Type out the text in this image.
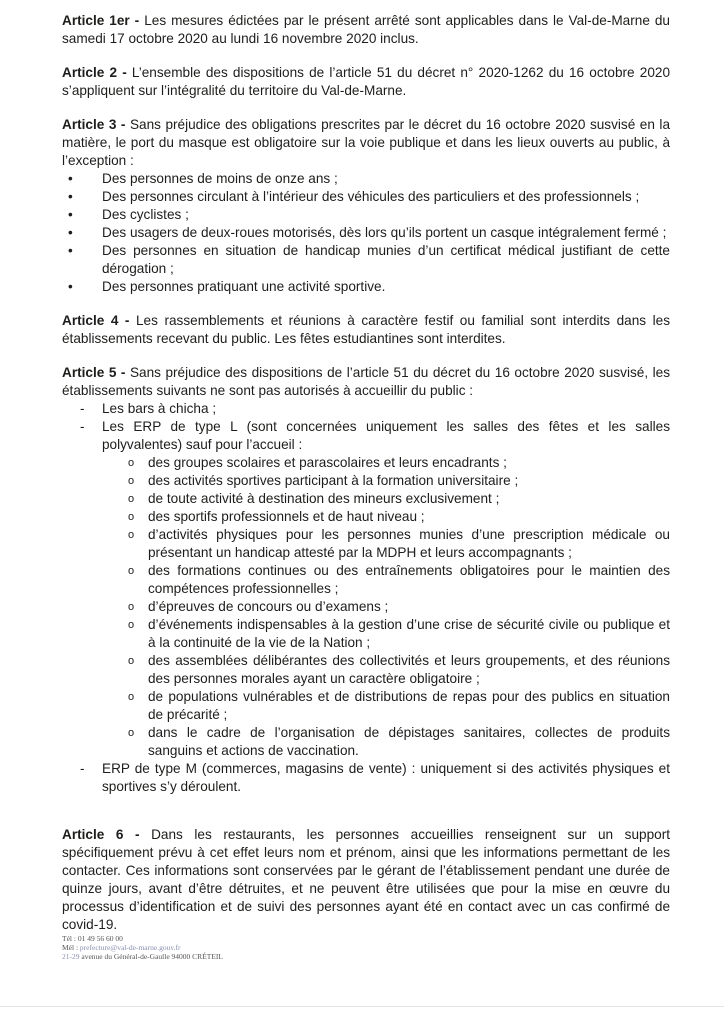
Article 1er - Les mesures édictées par le présent arrêté sont applicables dans le Val-de-Marne du samedi 17 octobre 2020 au lundi 16 novembre 2020 inclus.

Article 2 - L’ensemble des dispositions de l’article 51 du décret n° 2020-1262 du 16 octobre 2020 s’appliquent sur l’intégralité du territoire du Val-de-Marne.

Article 3 - Sans préjudice des obligations prescrites par le décret du 16 octobre 2020 susvisé en la matière, le port du masque est obligatoire sur la voie publique et dans les lieux ouverts au public, à l’exception :
• Des personnes de moins de onze ans ;
• Des personnes circulant à l’intérieur des véhicules des particuliers et des professionnels ;
• Des cyclistes ;
• Des usagers de deux-roues motorisés, dès lors qu’ils portent un casque intégralement fermé ;
• Des personnes en situation de handicap munies d’un certificat médical justifiant de cette dérogation ;
• Des personnes pratiquant une activité sportive.

Article 4 - Les rassemblements et réunions à caractère festif ou familial sont interdits dans les établissements recevant du public. Les fêtes estudiantines sont interdites.

Article 5 - Sans préjudice des dispositions de l’article 51 du décret du 16 octobre 2020 susvisé, les établissements suivants ne sont pas autorisés à accueillir du public :
- Les bars à chicha ;
- Les ERP de type L (sont concernées uniquement les salles des fêtes et les salles polyvalentes) sauf pour l’accueil :
o des groupes scolaires et parascolaires et leurs encadrants ;
o des activités sportives participant à la formation universitaire ;
o de toute activité à destination des mineurs exclusivement ;
o des sportifs professionnels et de haut niveau ;
o d’activités physiques pour les personnes munies d’une prescription médicale ou présentant un handicap attesté par la MDPH et leurs accompagnants ;
o des formations continues ou des entraînements obligatoires pour le maintien des compétences professionnelles ;
o d’épreuves de concours ou d’examens ;
o d’événements indispensables à la gestion d’une crise de sécurité civile ou publique et à la continuité de la vie de la Nation ;
o des assemblées délibérantes des collectivités et leurs groupements, et des réunions des personnes morales ayant un caractère obligatoire ;
o de populations vulnérables et de distributions de repas pour des publics en situation de précarité ;
o dans le cadre de l’organisation de dépistages sanitaires, collectes de produits sanguins et actions de vaccination.
- ERP de type M (commerces, magasins de vente) : uniquement si des activités physiques et sportives s’y déroulent.

Article 6 - Dans les restaurants, les personnes accueillies renseignent sur un support spécifiquement prévu à cet effet leurs nom et prénom, ainsi que les informations permettant de les contacter. Ces informations sont conservées par le gérant de l’établissement pendant une durée de quinze jours, avant d’être détruites, et ne peuvent être utilisées que pour la mise en œuvre du processus d’identification et de suivi des personnes ayant été en contact avec un cas confirmé de covid-19.

Tél : 01 49 56 60 00
Mél : prefecture@val-de-marne.gouv.fr
21-29 avenue du Général-de-Gaulle 94000 CRÉTEIL
